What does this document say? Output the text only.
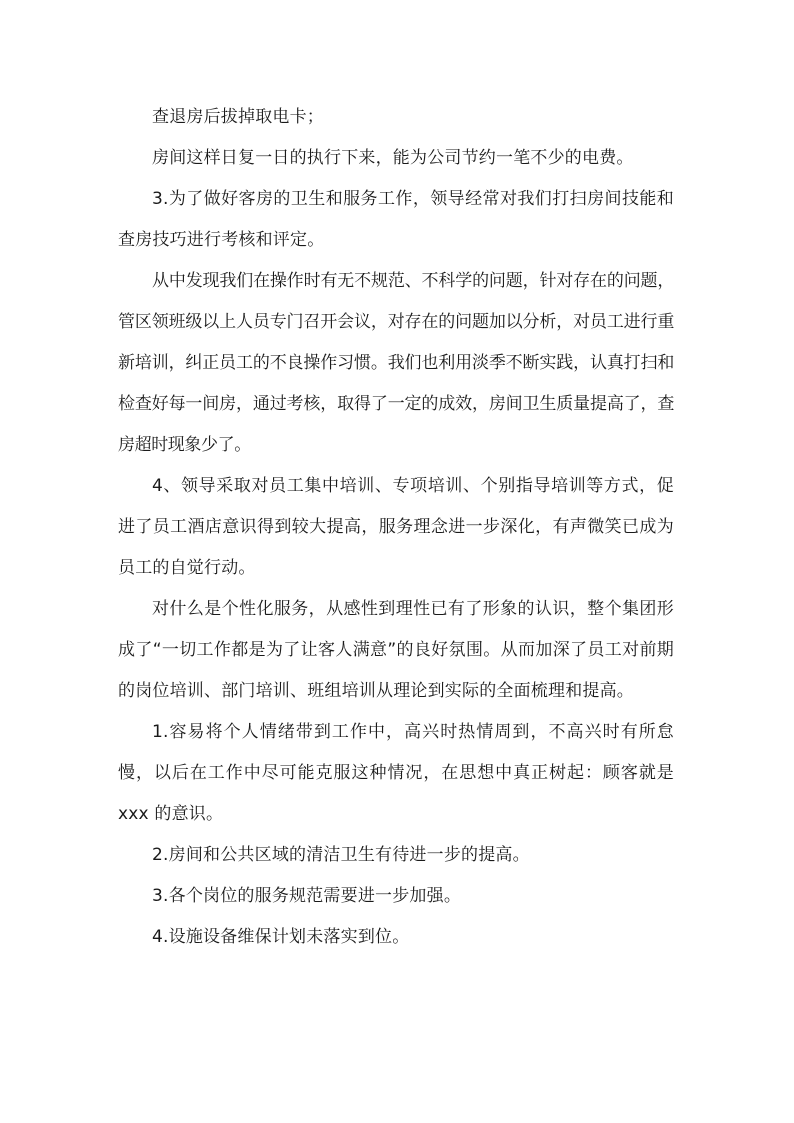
查退房后拔掉取电卡；

房间这样日复一日的执行下来，能为公司节约一笔不少的电费。

3.为了做好客房的卫生和服务工作，领导经常对我们打扫房间技能和查房技巧进行考核和评定。

从中发现我们在操作时有无不规范、不科学的问题，针对存在的问题，管区领班级以上人员专门召开会议，对存在的问题加以分析，对员工进行重新培训，纠正员工的不良操作习惯。我们也利用淡季不断实践，认真打扫和检查好每一间房，通过考核，取得了一定的成效，房间卫生质量提高了，查房超时现象少了。

4、领导采取对员工集中培训、专项培训、个别指导培训等方式，促进了员工酒店意识得到较大提高，服务理念进一步深化，有声微笑已成为员工的自觉行动。

对什么是个性化服务，从感性到理性已有了形象的认识，整个集团形成了“一切工作都是为了让客人满意”的良好氛围。从而加深了员工对前期的岗位培训、部门培训、班组培训从理论到实际的全面梳理和提高。

1.容易将个人情绪带到工作中，高兴时热情周到，不高兴时有所怠慢，以后在工作中尽可能克服这种情况，在思想中真正树起：顾客就是xxx 的意识。

2.房间和公共区域的清洁卫生有待进一步的提高。

3.各个岗位的服务规范需要进一步加强。

4.设施设备维保计划未落实到位。
